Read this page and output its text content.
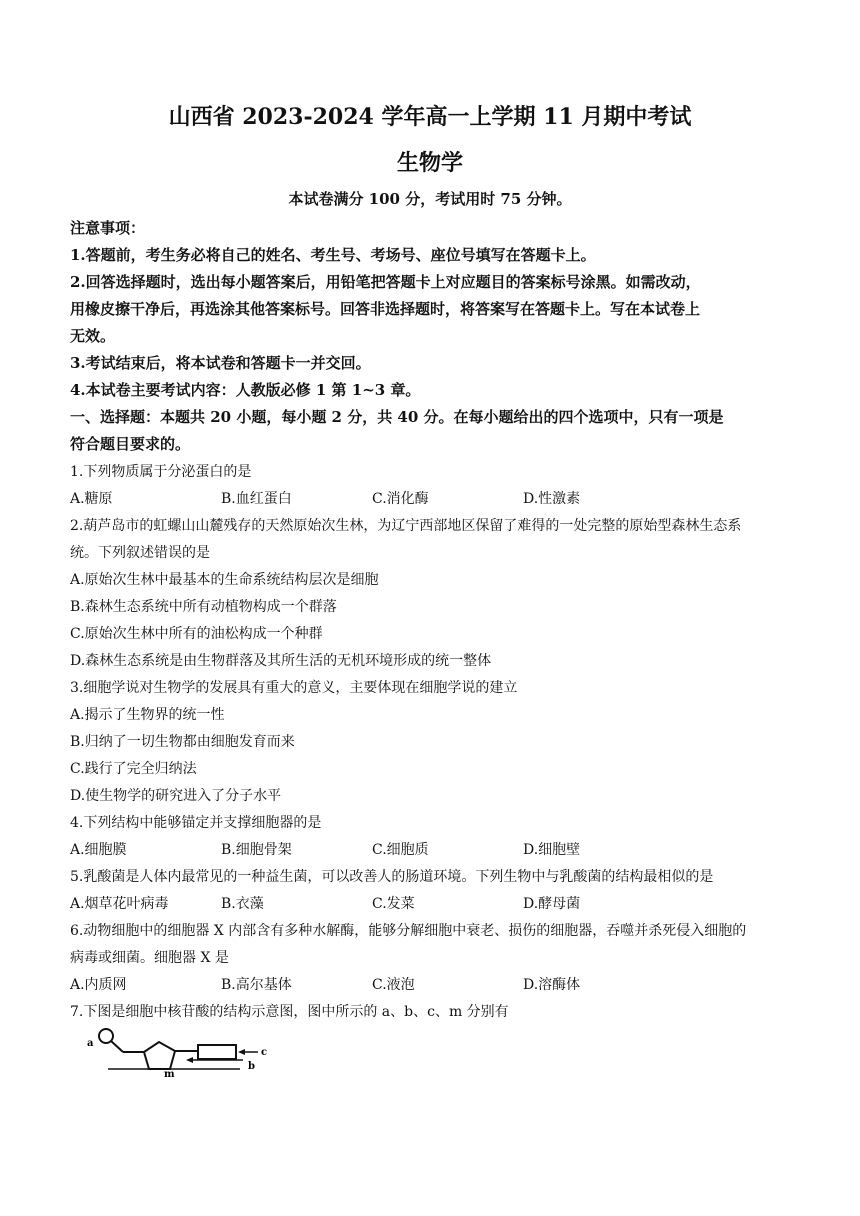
山西省 2023-2024 学年高一上学期 11 月期中考试
生物学
本试卷满分 100 分，考试用时 75 分钟。
注意事项：
1.答题前，考生务必将自己的姓名、考生号、考场号、座位号填写在答题卡上。
2.回答选择题时，选出每小题答案后，用铅笔把答题卡上对应题目的答案标号涂黑。如需改动，
用橡皮擦干净后，再选涂其他答案标号。回答非选择题时，将答案写在答题卡上。写在本试卷上
无效。
3.考试结束后，将本试卷和答题卡一并交回。
4.本试卷主要考试内容：人教版必修 1 第 1~3 章。
一、选择题：本题共 20 小题，每小题 2 分，共 40 分。在每小题给出的四个选项中，只有一项是
符合题目要求的。
1.下列物质属于分泌蛋白的是
A.糖原	B.血红蛋白	C.消化酶	D.性激素
2.葫芦岛市的虹螺山山麓残存的天然原始次生林，为辽宁西部地区保留了难得的一处完整的原始型森林生态系
统。下列叙述错误的是
A.原始次生林中最基本的生命系统结构层次是细胞
B.森林生态系统中所有动植物构成一个群落
C.原始次生林中所有的油松构成一个种群
D.森林生态系统是由生物群落及其所生活的无机环境形成的统一整体
3.细胞学说对生物学的发展具有重大的意义，主要体现在细胞学说的建立
A.揭示了生物界的统一性
B.归纳了一切生物都由细胞发育而来
C.践行了完全归纳法
D.使生物学的研究进入了分子水平
4.下列结构中能够锚定并支撑细胞器的是
A.细胞膜	B.细胞骨架	C.细胞质	D.细胞壁
5.乳酸菌是人体内最常见的一种益生菌，可以改善人的肠道环境。下列生物中与乳酸菌的结构最相似的是
A.烟草花叶病毒	B.衣藻	C.发菜	D.酵母菌
6.动物细胞中的细胞器 X 内部含有多种水解酶，能够分解细胞中衰老、损伤的细胞器，吞噬并杀死侵入细胞的
病毒或细菌。细胞器 X 是
A.内质网	B.高尔基体	C.液泡	D.溶酶体
7.下图是细胞中核苷酸的结构示意图，图中所示的 a、b、c、m 分别有
a
c
b
m
